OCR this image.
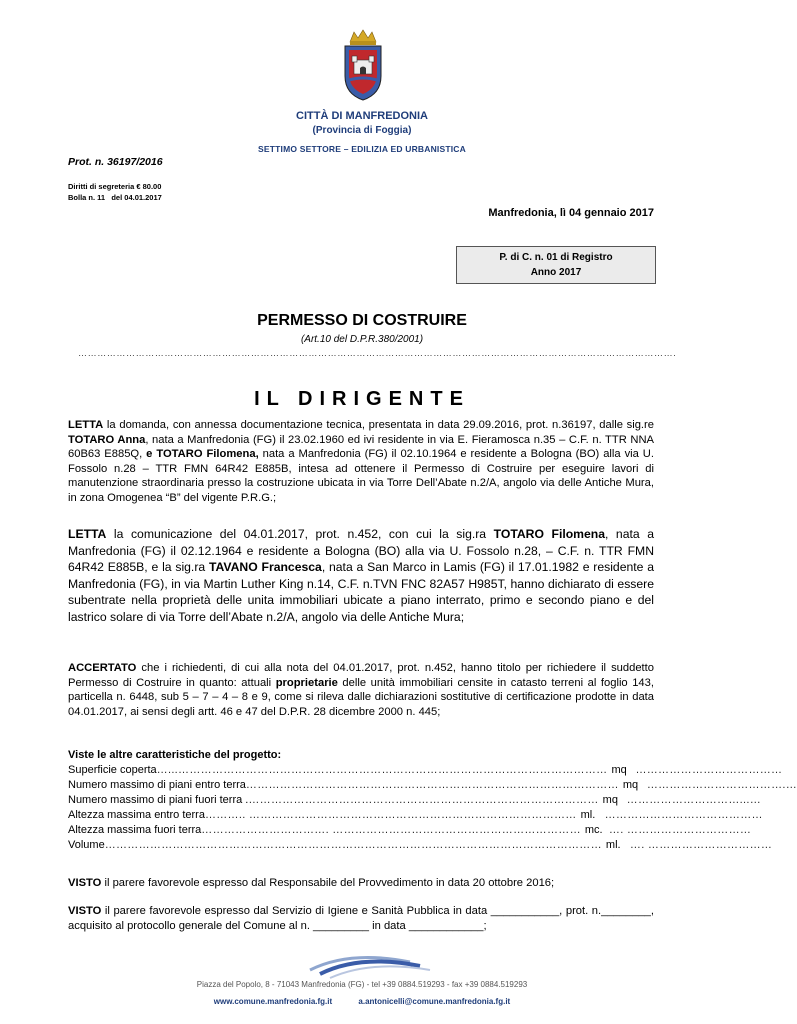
CITTÀ DI MANFREDONIA
(Provincia di Foggia)
SETTIMO SETTORE – EDILIZIA ED URBANISTICA
Prot. n. 36197/2016
Diritti di segreteria € 80.00
Bolla n. 11   del 04.01.2017
Manfredonia, lì 04 gennaio 2017
P. di C. n. 01 di Registro
Anno 2017
PERMESSO DI COSTRUIRE
(Art.10 del D.P.R.380/2001)
…………………………………………………………………………………………………………………………………………………………………….
IL DIRIGENTE
LETTA la domanda, con annessa documentazione tecnica, presentata in data 29.09.2016, prot. n.36197, dalle sig.re TOTARO Anna, nata a Manfredonia (FG) il 23.02.1960 ed ivi residente in via E. Fieramosca n.35 – C.F. n. TTR NNA 60B63 E885Q, e TOTARO Filomena, nata a Manfredonia (FG) il 02.10.1964 e residente a Bologna (BO) alla via U. Fossolo n.28 – TTR FMN 64R42 E885B, intesa ad ottenere il Permesso di Costruire per eseguire lavori di manutenzione straordinaria presso la costruzione ubicata in via Torre Dell’Abate n.2/A, angolo via delle Antiche Mura, in zona Omogenea “B” del vigente P.R.G.;
LETTA la comunicazione del 04.01.2017, prot. n.452, con cui la sig.ra TOTARO Filomena, nata a Manfredonia (FG) il 02.12.1964 e residente a Bologna (BO) alla via U. Fossolo n.28, – C.F. n. TTR FMN 64R42 E885B, e la sig.ra TAVANO Francesca, nata a San Marco in Lamis (FG) il 17.01.1982 e residente a Manfredonia (FG), in via Martin Luther King n.14, C.F. n.TVN FNC 82A57 H985T, hanno dichiarato di essere subentrate nella proprietà delle unita immobiliari ubicate a piano interrato, primo e secondo piano e del lastrico solare di via Torre dell’Abate n.2/A, angolo via delle Antiche Mura;
ACCERTATO che i richiedenti, di cui alla nota del 04.01.2017, prot. n.452, hanno titolo per richiedere il suddetto Permesso di Costruire in quanto: attuali proprietarie delle unità immobiliari censite in catasto terreni al foglio 143, particella n. 6448, sub 5 – 7 – 4 – 8 e 9, come si rileva dalle dichiarazioni sostitutive di certificazione prodotte in data 04.01.2017, ai sensi degli artt. 46 e 47 del D.P.R. 28 dicembre 2000 n. 445;
Viste le altre caratteristiche del progetto:
Superficie coperta …...…………………………………………………………………………………………………… mq …………………………………
Numero massimo di piani entro terra ……………………………………………………………………………………… mq ……………………………….…
Numero massimo di piani fuori terra . ………………………………………………………………………………… mq …………………………...…
Altezza massima entro terra ……….. …………………………………………………………………………… ml. ……………………………………
Altezza massima fuori terra ……………………………. ………………………………………………………… mc. …. ……………………………
Volume …………………………………………………………………………………………………………………… ml. …. ……………………………
VISTO il parere favorevole espresso dal Responsabile del Provvedimento in data 20 ottobre 2016;
VISTO il parere favorevole espresso dal Servizio di Igiene e Sanità Pubblica in data ___________, prot. n.________, acquisito al protocollo generale del Comune al n. _________ in data ____________;
Piazza del Popolo, 8 - 71043 Manfredonia (FG) - tel +39 0884.519293 - fax +39 0884.519293
www.comune.manfredonia.fg.it	a.antonicelli@comune.manfredonia.fg.it
